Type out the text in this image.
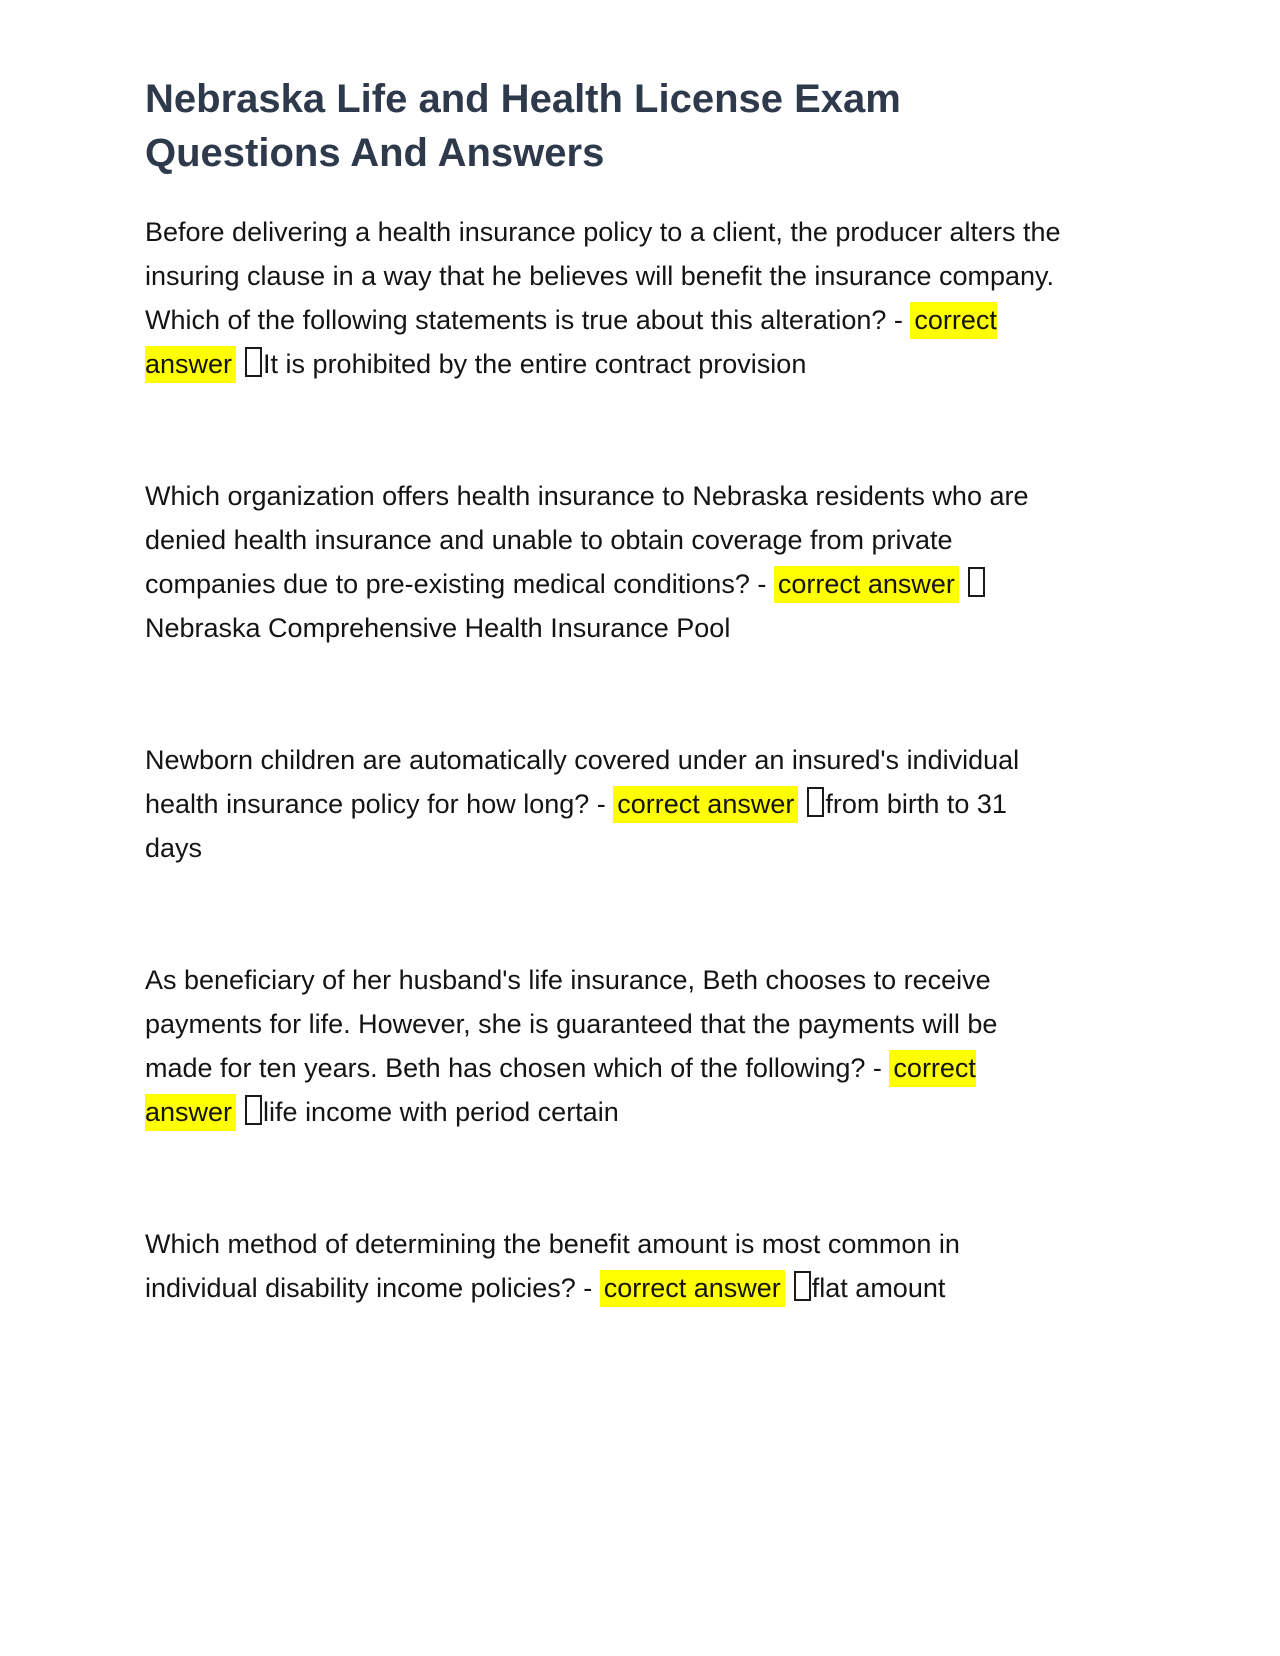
Nebraska Life and Health License Exam Questions And Answers

Before delivering a health insurance policy to a client, the producer alters the insuring clause in a way that he believes will benefit the insurance company. Which of the following statements is true about this alteration? - correct answer It is prohibited by the entire contract provision

Which organization offers health insurance to Nebraska residents who are denied health insurance and unable to obtain coverage from private companies due to pre-existing medical conditions? - correct answerNebraska Comprehensive Health Insurance Pool

Newborn children are automatically covered under an insured's individual health insurance policy for how long? - correct answer from birth to 31 days

As beneficiary of her husband's life insurance, Beth chooses to receive payments for life. However, she is guaranteed that the payments will be made for ten years. Beth has chosen which of the following? - correct answer life income with period certain

Which method of determining the benefit amount is most common in individual disability income policies? - correct answer flat amount
